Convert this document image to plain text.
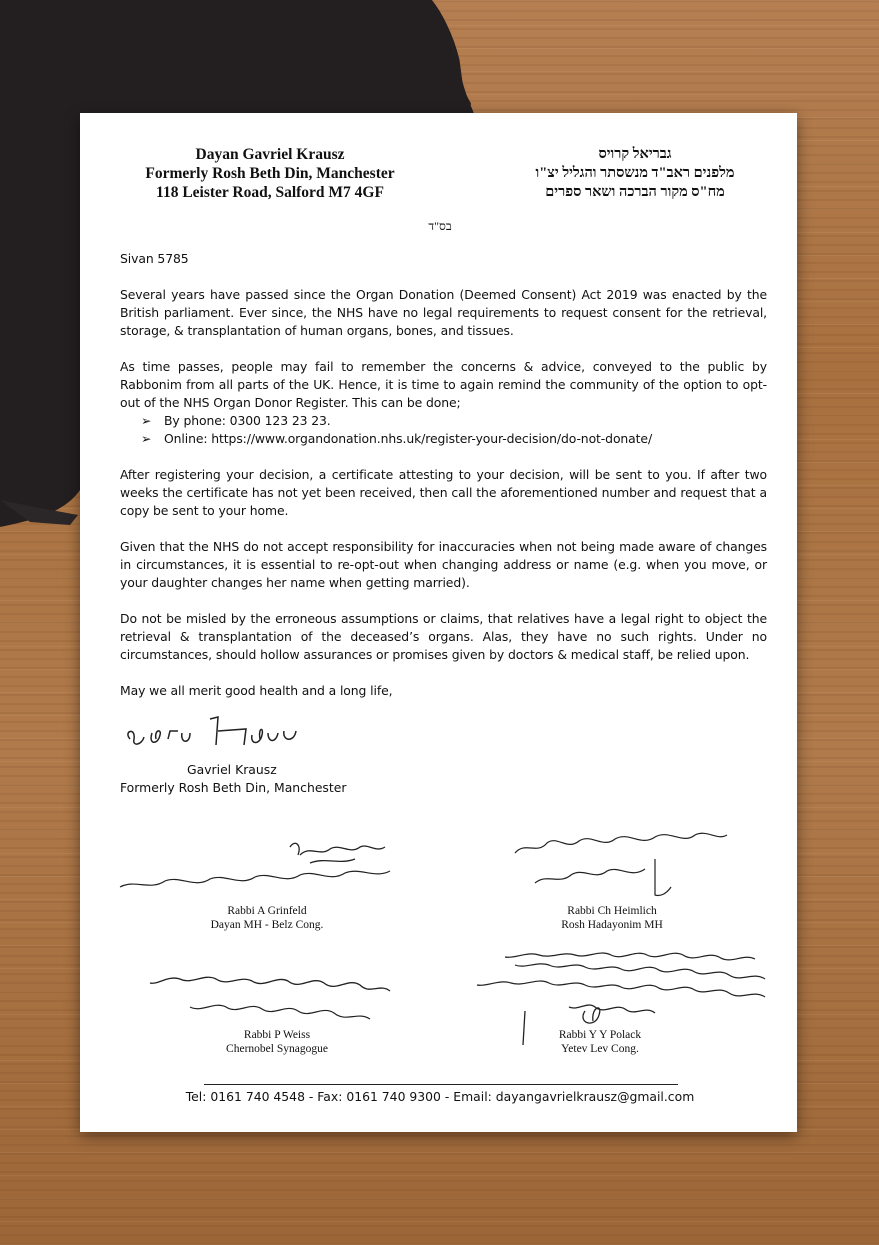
Dayan Gavriel Krausz
Formerly Rosh Beth Din, Manchester
118 Leister Road, Salford M7 4GF
גבריאל קרויס
מלפנים ראב"ד מנשסתר והגליל יצ"ו
מח"ס מקור הברכה ושאר ספרים
בס"ד

Sivan 5785

Several years have passed since the Organ Donation (Deemed Consent) Act 2019 was enacted by the British parliament. Ever since, the NHS have no legal requirements to request consent for the retrieval, storage, & transplantation of human organs, bones, and tissues.

As time passes, people may fail to remember the concerns & advice, conveyed to the public by Rabbonim from all parts of the UK. Hence, it is time to again remind the community of the option to opt-out of the NHS Organ Donor Register. This can be done;

➢ By phone: 0300 123 23 23.
➢ Online: https://www.organdonation.nhs.uk/register-your-decision/do-not-donate/

After registering your decision, a certificate attesting to your decision, will be sent to you. If after two weeks the certificate has not yet been received, then call the aforementioned number and request that a copy be sent to your home.

Given that the NHS do not accept responsibility for inaccuracies when not being made aware of changes in circumstances, it is essential to re-opt-out when changing address or name (e.g. when you move, or your daughter changes her name when getting married).

Do not be misled by the erroneous assumptions or claims, that relatives have a legal right to object the retrieval & transplantation of the deceased’s organs. Alas, they have no such rights. Under no circumstances, should hollow assurances or promises given by doctors & medical staff, be relied upon.

May we all merit good health and a long life,

Gavriel Krausz
Formerly Rosh Beth Din, Manchester
Rabbi A Grinfeld
Dayan MH - Belz Cong.
Rabbi Ch Heimlich
Rosh Hadayonim MH
Rabbi P Weiss
Chernobel Synagogue
Rabbi Y Y Polack
Yetev Lev Cong.
Tel: 0161 740 4548 - Fax: 0161 740 9300 - Email: dayangavrielkrausz@gmail.com
